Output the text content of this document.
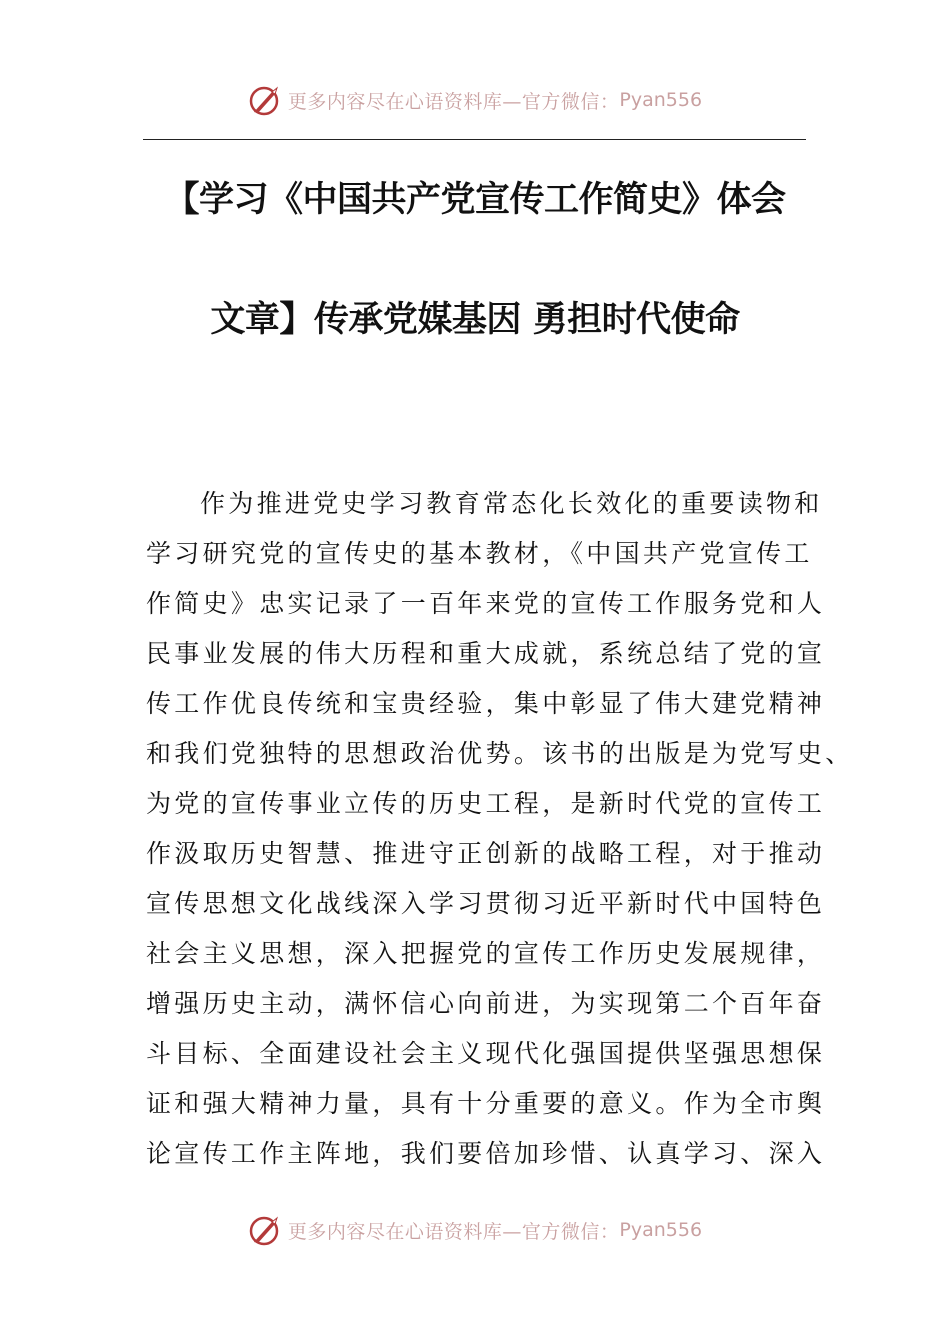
更多内容尽在心语资料库—官方微信： Pyan556
【学习《中国共产党宣传工作简史》体会
文章】传承党媒基因 勇担时代使命
作为推进党史学习教育常态化长效化的重要读物和
学习研究党的宣传史的基本教材，《中国共产党宣传工
作简史》忠实记录了一百年来党的宣传工作服务党和人
民事业发展的伟大历程和重大成就，系统总结了党的宣
传工作优良传统和宝贵经验，集中彰显了伟大建党精神
和我们党独特的思想政治优势。该书的出版是为党写史、
为党的宣传事业立传的历史工程，是新时代党的宣传工
作汲取历史智慧、推进守正创新的战略工程，对于推动
宣传思想文化战线深入学习贯彻习近平新时代中国特色
社会主义思想，深入把握党的宣传工作历史发展规律，
增强历史主动，满怀信心向前进，为实现第二个百年奋
斗目标、全面建设社会主义现代化强国提供坚强思想保
证和强大精神力量，具有十分重要的意义。作为全市舆
论宣传工作主阵地，我们要倍加珍惜、认真学习、深入
更多内容尽在心语资料库—官方微信： Pyan556
